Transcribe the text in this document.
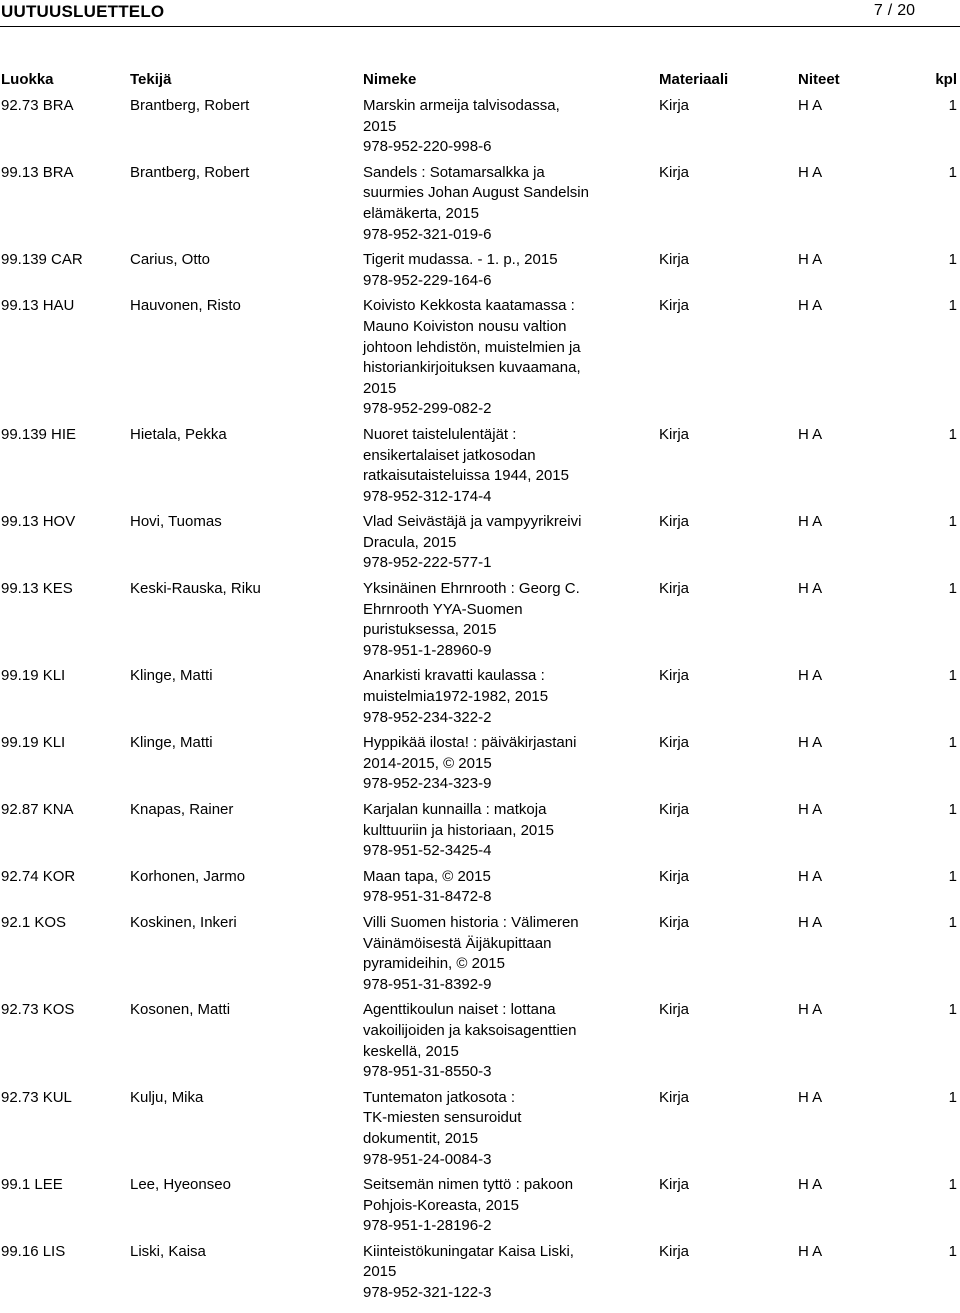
UUTUUSLUETTELO	7 / 20
Luokka	Tekijä	Nimeke	Materiaali	Niteet	kpl
92.73 BRA	Brantberg, Robert	Marskin armeija talvisodassa,
2015
978-952-220-998-6
Kirja	H A	1
99.13 BRA	Brantberg, Robert	Sandels : Sotamarsalkka ja
suurmies Johan August Sandelsin
elämäkerta, 2015
978-952-321-019-6
Kirja	H A	1
99.139 CAR	Carius, Otto	Tigerit mudassa. - 1. p., 2015
978-952-229-164-6
Kirja	H A	1
99.13 HAU	Hauvonen, Risto	Koivisto Kekkosta kaatamassa :
Mauno Koiviston nousu valtion
johtoon lehdistön, muistelmien ja
historiankirjoituksen kuvaamana,
2015
978-952-299-082-2
Kirja	H A	1
99.139 HIE	Hietala, Pekka	Nuoret taistelulentäjät :
ensikertalaiset jatkosodan
ratkaisutaisteluissa 1944, 2015
978-952-312-174-4
Kirja	H A	1
99.13 HOV	Hovi, Tuomas	Vlad Seivästäjä ja vampyyrikreivi
Dracula, 2015
978-952-222-577-1
Kirja	H A	1
99.13 KES	Keski-Rauska, Riku	Yksinäinen Ehrnrooth : Georg C.
Ehrnrooth YYA-Suomen
puristuksessa, 2015
978-951-1-28960-9
Kirja	H A	1
99.19 KLI	Klinge, Matti	Anarkisti kravatti kaulassa :
muistelmia1972-1982, 2015
978-952-234-322-2
Kirja	H A	1
99.19 KLI	Klinge, Matti	Hyppikää ilosta! : päiväkirjastani
2014-2015, © 2015
978-952-234-323-9
Kirja	H A	1
92.87 KNA	Knapas, Rainer	Karjalan kunnailla : matkoja
kulttuuriin ja historiaan, 2015
978-951-52-3425-4
Kirja	H A	1
92.74 KOR	Korhonen, Jarmo	Maan tapa, © 2015
978-951-31-8472-8
Kirja	H A	1
92.1 KOS	Koskinen, Inkeri	Villi Suomen historia : Välimeren
Väinämöisestä Äijäkupittaan
pyramideihin, © 2015
978-951-31-8392-9
Kirja	H A	1
92.73 KOS	Kosonen, Matti	Agenttikoulun naiset : lottana
vakoilijoiden ja kaksoisagenttien
keskellä, 2015
978-951-31-8550-3
Kirja	H A	1
92.73 KUL	Kulju, Mika	Tuntematon jatkosota :
TK-miesten sensuroidut
dokumentit, 2015
978-951-24-0084-3
Kirja	H A	1
99.1 LEE	Lee, Hyeonseo	Seitsemän nimen tyttö : pakoon
Pohjois-Koreasta, 2015
978-951-1-28196-2
Kirja	H A	1
99.16 LIS	Liski, Kaisa	Kiinteistökuningatar Kaisa Liski,
2015
978-952-321-122-3
Kirja	H A	1
